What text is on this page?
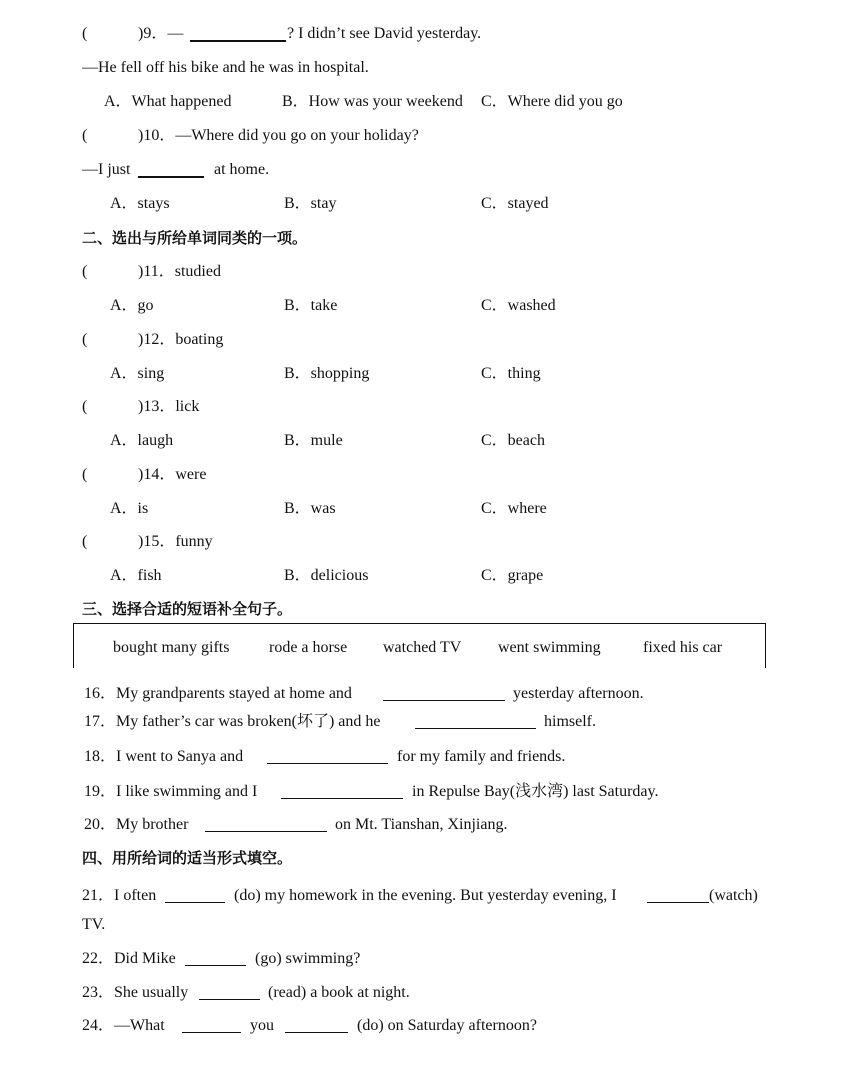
(	)9．—	? I didn’t see David yesterday.
—He fell off his bike and he was in hospital.
A．What happened	B．How was your weekend C．Where did you go
(	)10．—Where did you go on your holiday?
—I just	at home.
A．stays	B．stay	C．stayed
二、选出与所给单词同类的一项。
(	)11．studied
A．go	B．take	C．washed
(	)12．boating
A．sing	B．shopping	C．thing
(	)13．lick
A．laugh	B．mule	C．beach
(	)14．were
A．is	B．was	C．where
(	)15．funny
A．fish	B．delicious	C．grape
三、选择合适的短语补全句子。
bought many gifts rode a horse watched TV went swimming	fixed his car
16．My grandparents stayed at home and	yesterday afternoon.
17．My father’s car was broken(坏了) and he	himself.
18．I went to Sanya and	for my family and friends.
19．I like swimming and I	in Repulse Bay(浅水湾) last Saturday.
20．My brother	on Mt. Tianshan, Xinjiang.
四、用所给词的适当形式填空。
21．I often	(do) my homework in the evening. But yesterday evening, I	(watch)
TV.
22．Did Mike	(go) swimming?
23．She usually	(read) a book at night.
24．—What	you	(do) on Saturday afternoon?
